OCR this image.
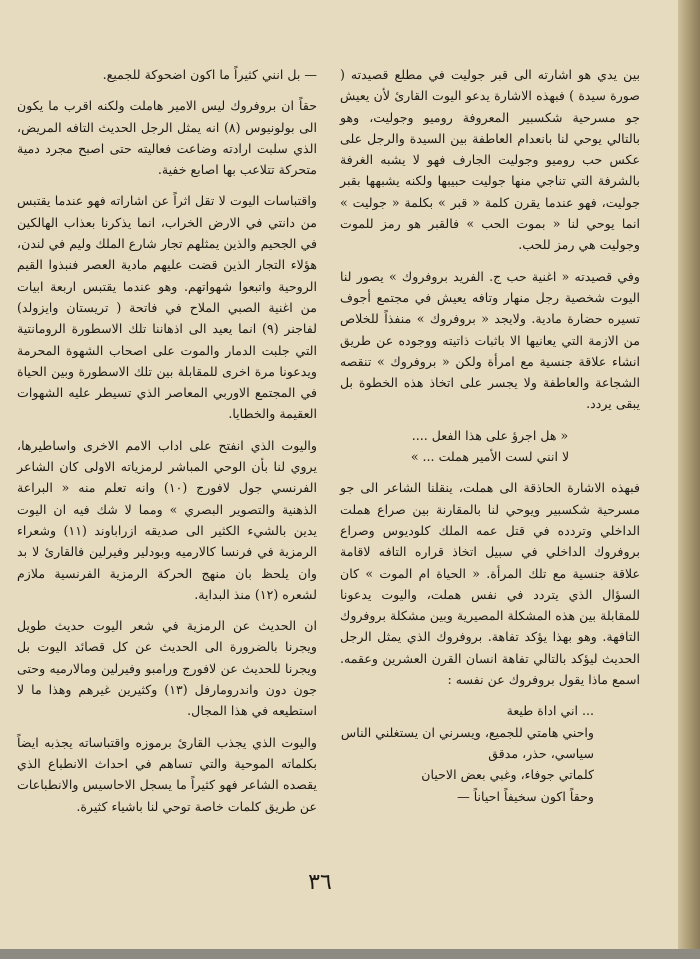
بين يدي هو اشارته الى قبر جوليت في مطلع قصيدته ( صورة سيدة ) فبهذه الاشارة يدعو اليوت القارئ لأن يعيش جو مسرحية شكسبير المعروفة روميو وجوليت، وهو بالتالي يوحي لنا بانعدام العاطفة بين السيدة والرجل على عكس حب روميو وجوليت الجارف فهو لا يشبه الغرفة بالشرفة التي تناجي منها جوليت حبيبها ولكنه يشبهها بقبر جوليت، فهو عندما يقرن كلمة « قبر » بكلمة « جوليت » انما يوحي لنا « بموت الحب » فالقبر هو رمز للموت وجوليت هي رمز للحب.

وفي قصيدته « اغنية حب ج. الفريد بروفروك » يصور لنا اليوت شخصية رجل منهار وتافه يعيش في مجتمع أجوف تسيره حضارة مادية. ولايجد « بروفروك » منفذاً للخلاص من الازمة التي يعانيها الا باثبات ذاتيته ووجوده عن طريق انشاء علاقة جنسية مع امرأة ولكن « بروفروك » تنقصه الشجاعة والعاطفة ولا يجسر على اتخاذ هذه الخطوة بل يبقى يردد.

« هل اجرؤ على هذا الفعل ....
لا انني لست الأمير هملت ... »

فبهذه الاشارة الحاذقة الى هملت، ينقلنا الشاعر الى جو مسرحية شكسبير ويوحي لنا بالمقارنة بين صراع هملت الداخلي وتردده في قتل عمه الملك كلوديوس وصراع بروفروك الداخلي في سبيل اتخاذ قراره التافه لاقامة علاقة جنسية مع تلك المرأة. « الحياة ام الموت » كان السؤال الذي يتردد في نفس هملت، واليوت يدعونا للمقابلة بين هذه المشكلة المصيرية وبين مشكلة بروفروك التافهة. وهو بهذا يؤكد تفاهة. بروفروك الذي يمثل الرجل الحديث ليؤكد بالتالي تفاهة انسان القرن العشرين وعقمه. اسمع ماذا يقول بروفروك عن نفسه :

... اني اداة طيعة
واحني هامتي للجميع، ويسرني ان يستغلني الناس
سياسي، حذر، مدقق
كلماتي جوفاء، وغبي بعض الاحيان
وحقاً اكون سخيفاً احياناً —

— بل انني كثيراً ما اكون اضحوكة للجميع.

حقاً ان بروفروك ليس الامير هاملت ولكنه اقرب ما يكون الى بولونيوس (٨) انه يمثل الرجل الحديث التافه المريض، الذي سلبت ارادته وضاعت فعاليته حتى اصبح مجرد دمية متحركة تتلاعب بها اصابع خفية.

واقتباسات اليوت لا تقل اثراً عن اشاراته فهو عندما يقتبس من دانتي في الارض الخراب، انما يذكرنا بعذاب الهالكين في الجحيم والذين يمثلهم تجار شارع الملك وليم في لندن، هؤلاء التجار الذين قضت عليهم مادية العصر فنبذوا القيم الروحية واتبعوا شهواتهم. وهو عندما يقتبس اربعة ابيات من اغنية الصبي الملاح في فاتحة ( تريستان وايزولد) لفاجنر (٩) انما يعيد الى اذهاننا تلك الاسطورة الرومانتية التي جلبت الدمار والموت على اصحاب الشهوة المحرمة ويدعونا مرة اخرى للمقابلة بين تلك الاسطورة وبين الحياة في المجتمع الاوربي المعاصر الذي تسيطر عليه الشهوات العقيمة والخطايا.

واليوت الذي انفتح على اداب الامم الاخرى واساطيرها، يروي لنا بأن الوحي المباشر لرمزياته الاولى كان الشاعر الفرنسي جول لافورج (١٠) وانه تعلم منه « البراعة الذهنية والتصوير البصري » ومما لا شك فيه ان اليوت يدين بالشيء الكثير الى صديقه ازراباوند (١١) وشعراء الرمزية في فرنسا كالارميه وبودلير وفيرلين فالقارئ لا بد وان يلحظ بان منهج الحركة الرمزية الفرنسية ملازم لشعره (١٢) منذ البداية.

ان الحديث عن الرمزية في شعر اليوت حديث طويل ويجرنا بالضرورة الى الحديث عن كل قصائد اليوت بل ويجرنا للحديث عن لافورج ورامبو وفيرلين ومالارميه وحتى جون دون واندرومارفل (١٣) وكثيرين غيرهم وهذا ما لا استطيعه في هذا المجال.

واليوت الذي يجذب القارئ برموزه واقتباساته يجذبه ايضاً بكلماته الموحية والتي تساهم في احداث الانطباع الذي يقصده الشاعر فهو كثيراً ما يسجل الاحاسيس والانطباعات عن طريق كلمات خاصة توحي لنا باشياء كثيرة.

٣٦
